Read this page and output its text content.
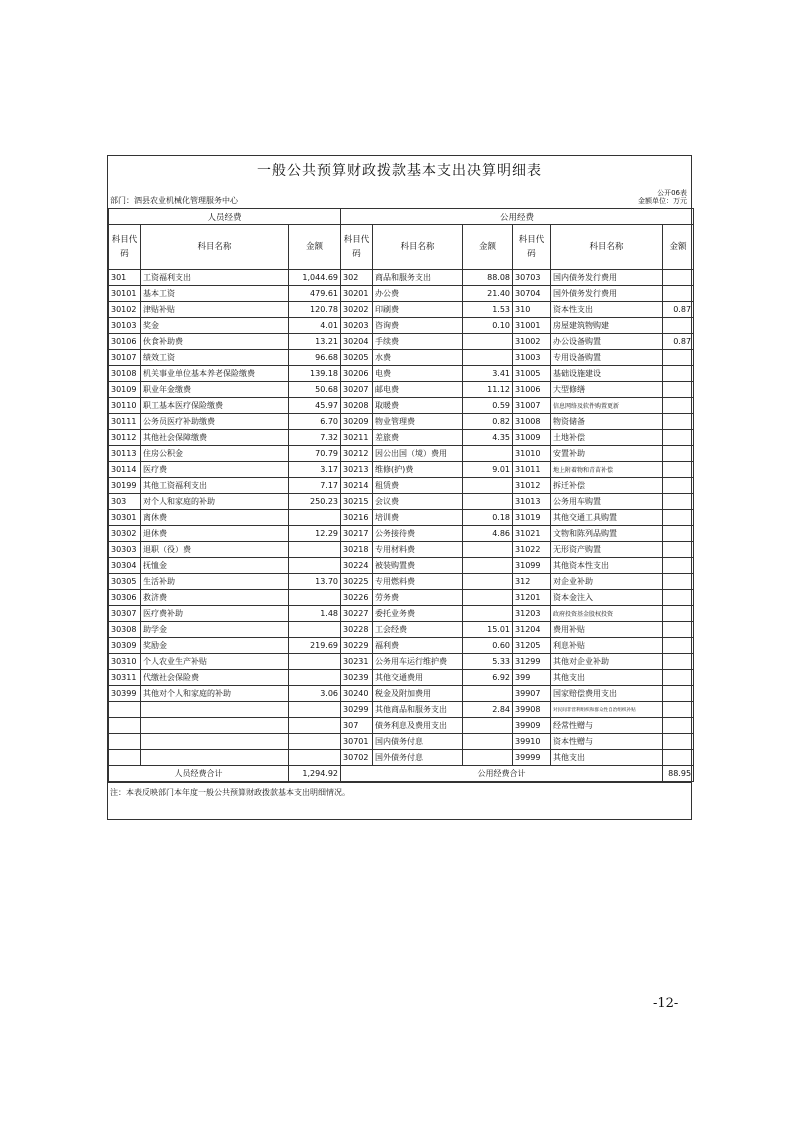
一般公共预算财政拨款基本支出决算明细表
公开06表
部门：泗县农业机械化管理服务中心	金额单位：万元
人员经费			公用经费					
科目代码	科目名称	金额	科目代码	科目名称	金额	科目代码	科目名称	金额
301	工资福利支出	1,044.69	302	商品和服务支出	88.08	30703	国内债务发行费用	
30101	基本工资	479.61	30201	办公费	21.40	30704	国外债务发行费用	
30102	津贴补贴	120.78	30202	印刷费	1.53	310	资本性支出	0.87
30103	奖金	4.01	30203	咨询费	0.10	31001	房屋建筑物购建	
30106	伙食补助费	13.21	30204	手续费		31002	办公设备购置	0.87
30107	绩效工资	96.68	30205	水费		31003	专用设备购置	
30108	机关事业单位基本养老保险缴费	139.18	30206	电费	3.41	31005	基础设施建设	
30109	职业年金缴费	50.68	30207	邮电费	11.12	31006	大型修缮	
30110	职工基本医疗保险缴费	45.97	30208	取暖费	0.59	31007	信息网络及软件购置更新	
30111	公务员医疗补助缴费	6.70	30209	物业管理费	0.82	31008	物资储备	
30112	其他社会保障缴费	7.32	30211	差旅费	4.35	31009	土地补偿	
30113	住房公积金	70.79	30212	因公出国（境）费用		31010	安置补助	
30114	医疗费	3.17	30213	维修(护)费	9.01	31011	地上附着物和青苗补偿	
30199	其他工资福利支出	7.17	30214	租赁费		31012	拆迁补偿	
303	对个人和家庭的补助	250.23	30215	会议费		31013	公务用车购置	
30301	离休费		30216	培训费	0.18	31019	其他交通工具购置	
30302	退休费	12.29	30217	公务接待费	4.86	31021	文物和陈列品购置	
30303	退职（役）费		30218	专用材料费		31022	无形资产购置	
30304	抚恤金		30224	被装购置费		31099	其他资本性支出	
30305	生活补助	13.70	30225	专用燃料费		312	对企业补助	
30306	救济费		30226	劳务费		31201	资本金注入	
30307	医疗费补助	1.48	30227	委托业务费		31203	政府投资基金股权投资	
30308	助学金		30228	工会经费	15.01	31204	费用补贴	
30309	奖励金	219.69	30229	福利费	0.60	31205	利息补贴	
30310	个人农业生产补贴		30231	公务用车运行维护费	5.33	31299	其他对企业补助	
30311	代缴社会保险费		30239	其他交通费用	6.92	399	其他支出	
30399	其他对个人和家庭的补助	3.06	30240	税金及附加费用		39907	国家赔偿费用支出	
			30299	其他商品和服务支出	2.84	39908	对民间非营利组织和群众性自治组织补贴	
			307	债务利息及费用支出		39909	经常性赠与	
			30701	国内债务付息		39910	资本性赠与	
			30702	国外债务付息		39999	其他支出	
人员经费合计		1,294.92	公用经费合计					88.95
注：本表反映部门本年度一般公共预算财政拨款基本支出明细情况。
-12-
